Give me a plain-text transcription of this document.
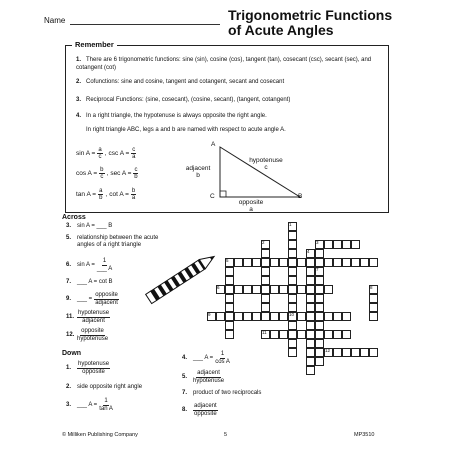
Name	Trigonometric Functions
of Acute Angles
Remember
1. There are 6 trigonometric functions: sine (sin), cosine (cos), tangent (tan), cosecant (csc), secant (sec), and cotangent (cot)
2. Cofunctions: sine and cosine, tangent and cotangent, secant and cosecant
3. Reciprocal Functions: (sine, cosecant), (cosine, secant), (tangent, cotangent)
4. In a right triangle, the hypotenuse is always opposite the right angle.
In right triangle ABC, legs a and b are named with respect to acute angle A.
$\sin A = \frac{a}{c}$ , $\csc A = \frac{c}{a}$
$\cos A = \frac{b}{c}$ , $\sec A = \frac{c}{b}$
$\tan A = \frac{a}{b}$ , $\cot A = \frac{b}{a}$
A
C	B
adjacent
b
hypotenuse
c
opposite
a
Across
3. sin A = ___ B
5. relationship between the acute angles of a right triangle
6. $\sin A = \frac{1}{\_\_\_ A}$
7. ___ A = cot B
9. ___ =
opposite
adjacent
11.
hypotenuse
adjacent
12.
opposite
hypotenuse
Down
1.
hypotenuse
opposite
2. side opposite right angle
3. ___ $A = \frac{1}{\text{tan A}}$
4. ___ $A = \frac{1}{\text{cos A}}$
5.
adjacent
hypotenuse
7. product of two reciprocals
8.
adjacent
opposite
1
2	3
4
5
6
7
8
9	10
11
12
© Milliken Publishing Company	5	MP3510
